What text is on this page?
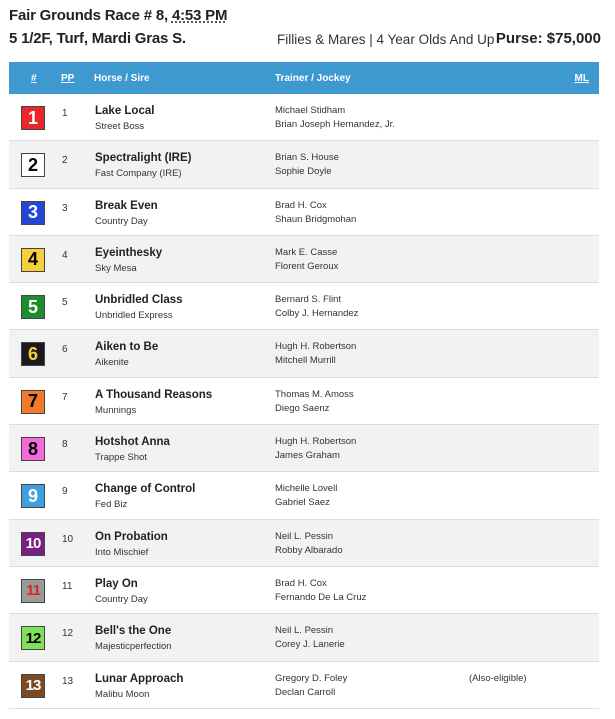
Fair Grounds Race # 8, 4:53 PM
5 1/2F, Turf, Mardi Gras S.	Fillies & Mares | 4 Year Olds And Up Purse: $75,000
# PP Horse / Sire	Trainer / Jockey	ML
1	1 Lake Local
Street Boss
Michael Stidham
Brian Joseph Hernandez, Jr.
2	2 Spectralight (IRE)
Fast Company (IRE)
Brian S. House
Sophie Doyle
3	3 Break Even
Country Day
Brad H. Cox
Shaun Bridgmohan
4	4 Eyeinthesky
Sky Mesa
Mark E. Casse
Florent Geroux
5	5 Unbridled Class
Unbridled Express
Bernard S. Flint
Colby J. Hernandez
6	6 Aiken to Be
Aikenite
Hugh H. Robertson
Mitchell Murrill
7	7 A Thousand Reasons
Munnings
Thomas M. Amoss
Diego Saenz
8	8 Hotshot Anna
Trappe Shot
Hugh H. Robertson
James Graham
9	9 Change of Control
Fed Biz
Michelle Lovell
Gabriel Saez
10	10 On Probation
Into Mischief
Neil L. Pessin
Robby Albarado
11	11 Play On
Country Day
Brad H. Cox
Fernando De La Cruz
12	12 Bell's the One
Majesticperfection
Neil L. Pessin
Corey J. Lanerie
13	13 Lunar Approach
Malibu Moon
Gregory D. Foley
Declan Carroll
(Also-eligible)
